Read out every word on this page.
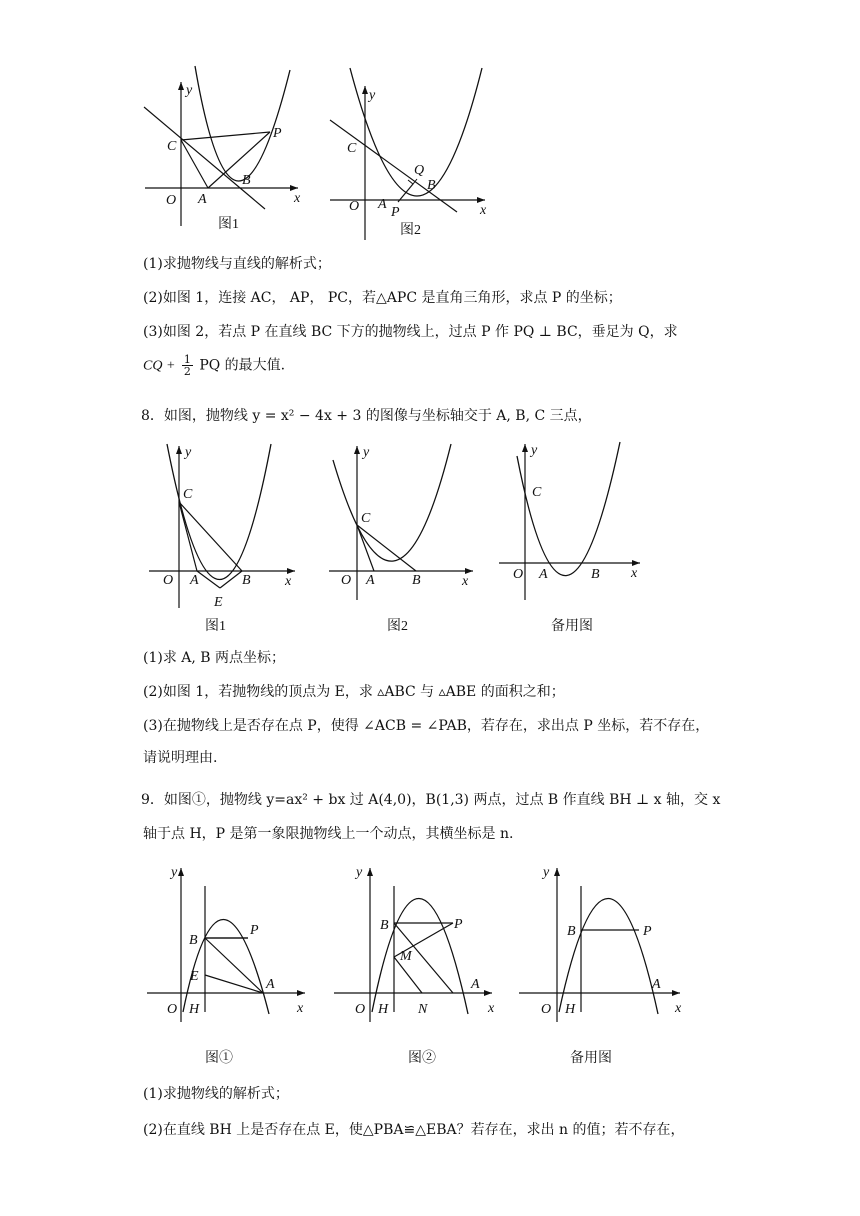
y
x
O
C
P
B
A
图1
y
x
O
C
Q
B
A
P
图2
(1)求抛物线与直线的解析式；
(2)如图 1，连接 AC， AP， PC，若△APC 是直角三角形，求点 P 的坐标；
(3)如图 2，若点 P 在直线 BC 下方的抛物线上，过点 P 作 PQ ⊥ BC，垂足为 Q，求
CQ + $\frac{1}{2}$ PQ 的最大值.
8．如图，抛物线 y = x² − 4x + 3 的图像与坐标轴交于 A, B, C 三点，
y
x
O
C
A	B
E
图1
y
x
O
C
A	B
图2
y
x
O
C
A	B
备用图
(1)求 A, B 两点坐标；
(2)如图 1，若抛物线的顶点为 E，求 ▵ABC 与 ▵ABE 的面积之和；
(3)在抛物线上是否存在点 P，使得 ∠ACB = ∠PAB，若存在，求出点 P 坐标，若不存在，
请说明理由.
9．如图①，抛物线 y=ax² + bx 过 A(4,0)，B(1,3) 两点，过点 B 作直线 BH ⊥ x 轴，交 x
轴于点 H，P 是第一象限抛物线上一个动点，其横坐标是 n.
y
x
O H
B
P
E
A
图①
y
x
O H
B	P
M
N
A
图②
y
x
O H
B	P
A
备用图
(1)求抛物线的解析式；
(2)在直线 BH 上是否存在点 E，使△PBA≌△EBA？若存在，求出 n 的值；若不存在，
